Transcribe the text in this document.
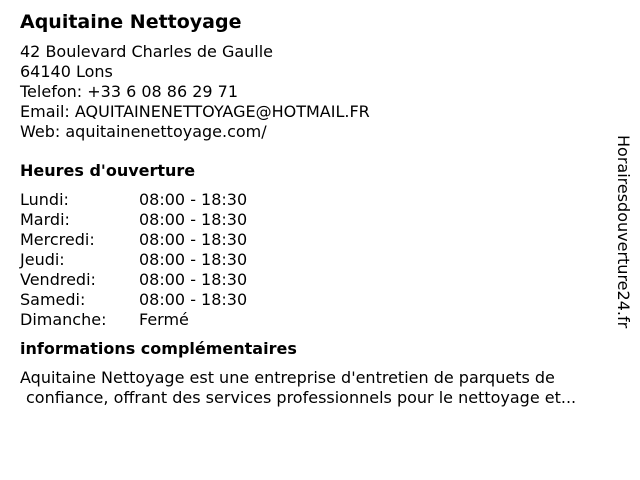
Aquitaine Nettoyage
42 Boulevard Charles de Gaulle
64140 Lons
Telefon: +33 6 08 86 29 71
Email: AQUITAINENETTOYAGE@HOTMAIL.FR
Web: aquitainenettoyage.com/
Heures d'ouverture
Lundi:	08:00 - 18:30
Mardi:	08:00 - 18:30
Mercredi:	08:00 - 18:30
Jeudi:	08:00 - 18:30
Vendredi:	08:00 - 18:30
Samedi:	08:00 - 18:30
Dimanche:	Fermé
informations complémentaires
Aquitaine Nettoyage est une entreprise d'entretien de parquets de
confiance, offrant des services professionnels pour le nettoyage et...
Horairesdouverture24.fr
